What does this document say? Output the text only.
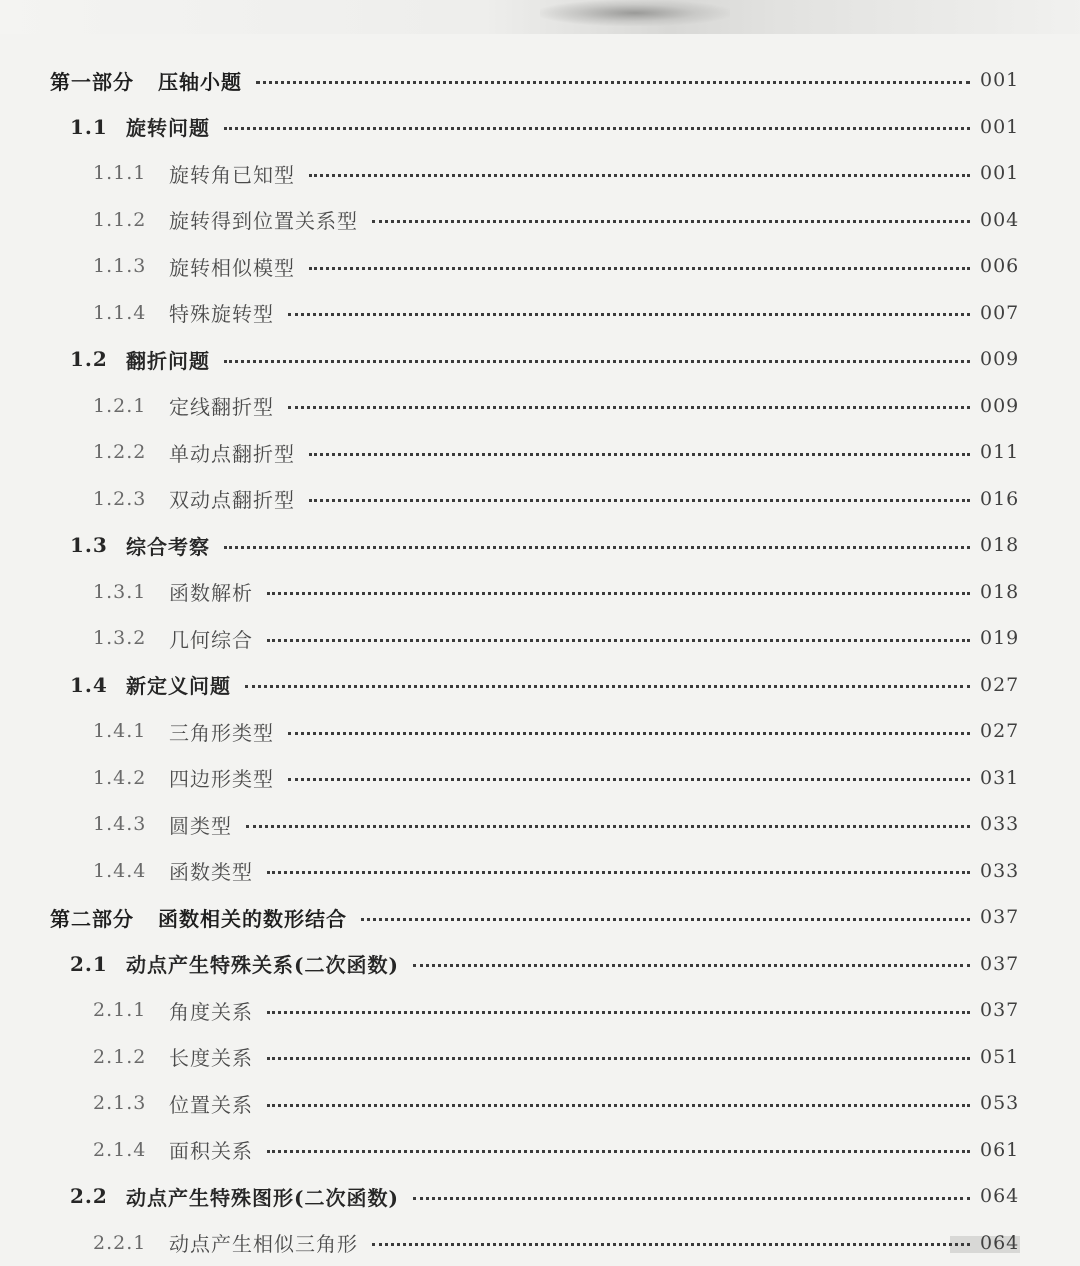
第一部分 压轴小题	001
1.1 旋转问题	001
1.1.1	旋转角已知型	001
1.1.2	旋转得到位置关系型	004
1.1.3	旋转相似模型	006
1.1.4	特殊旋转型	007
1.2 翻折问题	009
1.2.1	定线翻折型	009
1.2.2	单动点翻折型	011
1.2.3	双动点翻折型	016
1.3 综合考察	018
1.3.1	函数解析	018
1.3.2	几何综合	019
1.4 新定义问题	027
1.4.1	三角形类型	027
1.4.2	四边形类型	031
1.4.3	圆类型	033
1.4.4	函数类型	033
第二部分 函数相关的数形结合	037
2.1 动点产生特殊关系(二次函数)	037
2.1.1	角度关系	037
2.1.2	长度关系	051
2.1.3	位置关系	053
2.1.4	面积关系	061
2.2 动点产生特殊图形(二次函数)	064
2.2.1	动点产生相似三角形	064
